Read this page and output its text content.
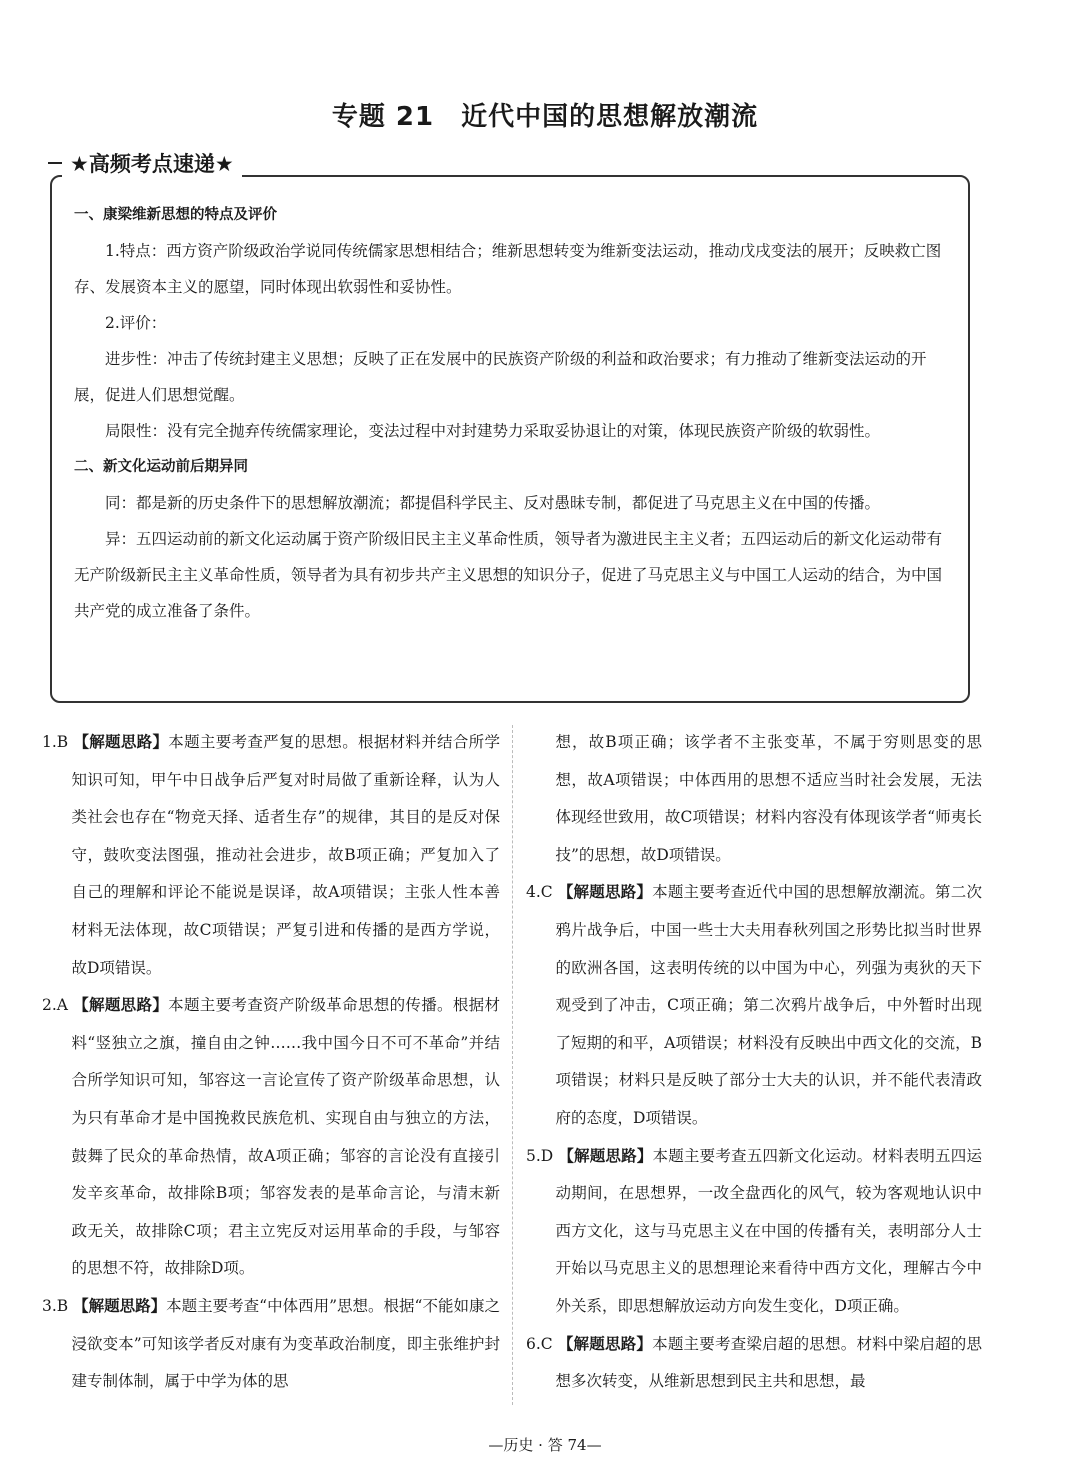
专题 21　近代中国的思想解放潮流
★高频考点速递★

一、康梁维新思想的特点及评价

1.特点：西方资产阶级政治学说同传统儒家思想相结合；维新思想转变为维新变法运动，推动戊戌变法的展开；反映救亡图存、发展资本主义的愿望，同时体现出软弱性和妥协性。

2.评价：

进步性：冲击了传统封建主义思想；反映了正在发展中的民族资产阶级的利益和政治要求；有力推动了维新变法运动的开展，促进人们思想觉醒。

局限性：没有完全抛弃传统儒家理论，变法过程中对封建势力采取妥协退让的对策，体现民族资产阶级的软弱性。

二、新文化运动前后期异同

同：都是新的历史条件下的思想解放潮流；都提倡科学民主、反对愚昧专制，都促进了马克思主义在中国的传播。

异：五四运动前的新文化运动属于资产阶级旧民主主义革命性质，领导者为激进民主主义者；五四运动后的新文化运动带有无产阶级新民主主义革命性质，领导者为具有初步共产主义思想的知识分子，促进了马克思主义与中国工人运动的结合，为中国共产党的成立准备了条件。

1.B 【解题思路】本题主要考查严复的思想。根据材料并结合所学知识可知，甲午中日战争后严复对时局做了重新诠释，认为人类社会也存在“物竞天择、适者生存”的规律，其目的是反对保守，鼓吹变法图强，推动社会进步，故B项正确；严复加入了自己的理解和评论不能说是误译，故A项错误；主张人性本善材料无法体现，故C项错误；严复引进和传播的是西方学说，故D项错误。

2.A 【解题思路】本题主要考查资产阶级革命思想的传播。根据材料“竖独立之旗，撞自由之钟……我中国今日不可不革命”并结合所学知识可知，邹容这一言论宣传了资产阶级革命思想，认为只有革命才是中国挽救民族危机、实现自由与独立的方法，鼓舞了民众的革命热情，故A项正确；邹容的言论没有直接引发辛亥革命，故排除B项；邹容发表的是革命言论，与清末新政无关，故排除C项；君主立宪反对运用革命的手段，与邹容的思想不符，故排除D项。

3.B 【解题思路】本题主要考查“中体西用”思想。根据“不能如康之浸欲变本”可知该学者反对康有为变革政治制度，即主张维护封建专制体制，属于中学为体的思

想，故B项正确；该学者不主张变革，不属于穷则思变的思想，故A项错误；中体西用的思想不适应当时社会发展，无法体现经世致用，故C项错误；材料内容没有体现该学者“师夷长技”的思想，故D项错误。

4.C 【解题思路】本题主要考查近代中国的思想解放潮流。第二次鸦片战争后，中国一些士大夫用春秋列国之形势比拟当时世界的欧洲各国，这表明传统的以中国为中心，列强为夷狄的天下观受到了冲击，C项正确；第二次鸦片战争后，中外暂时出现了短期的和平，A项错误；材料没有反映出中西文化的交流，B项错误；材料只是反映了部分士大夫的认识，并不能代表清政府的态度，D项错误。

5.D 【解题思路】本题主要考查五四新文化运动。材料表明五四运动期间，在思想界，一改全盘西化的风气，较为客观地认识中西方文化，这与马克思主义在中国的传播有关，表明部分人士开始以马克思主义的思想理论来看待中西方文化，理解古今中外关系，即思想解放运动方向发生变化，D项正确。

6.C 【解题思路】本题主要考查梁启超的思想。材料中梁启超的思想多次转变，从维新思想到民主共和思想，最

—历史 · 答 74—
